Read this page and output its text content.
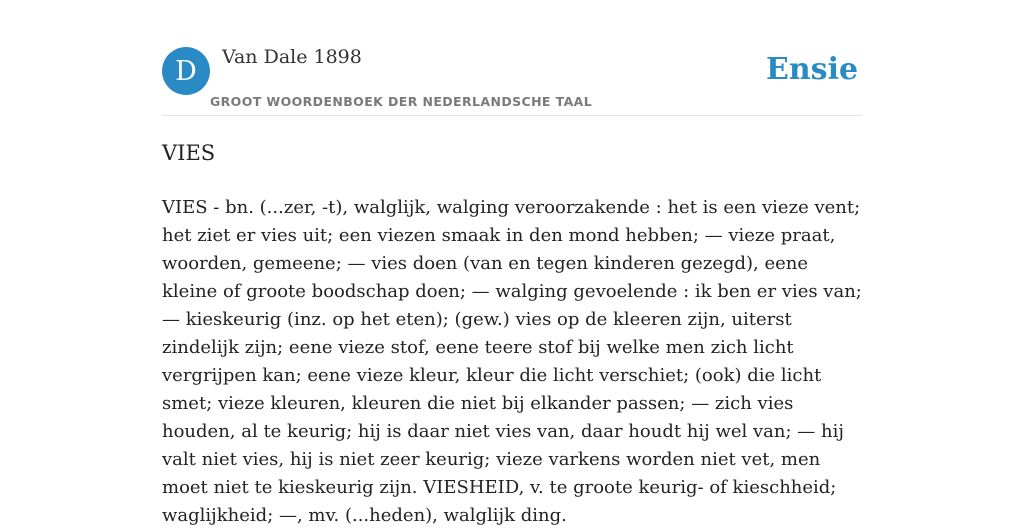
D Van Dale 1898
GROOT WOORDENBOEK DER NEDERLANDSCHE TAAL
Ensie
VIES

VIES - bn. (...zer, -t), walglijk, walging veroorzakende : het is een vieze vent; het ziet er vies uit; een viezen smaak in den mond hebben; — vieze praat, woorden, gemeene; — vies doen (van en tegen kinderen gezegd), eene kleine of groote boodschap doen; — walging gevoelende : ik ben er vies van; — kieskeurig (inz. op het eten); (gew.) vies op de kleeren zijn, uiterst zindelijk zijn; eene vieze stof, eene teere stof bij welke men zich licht vergrijpen kan; eene vieze kleur, kleur die licht verschiet; (ook) die licht smet; vieze kleuren, kleuren die niet bij elkander passen; — zich vies houden, al te keurig; hij is daar niet vies van, daar houdt hij wel van; — hij valt niet vies, hij is niet zeer keurig; vieze varkens worden niet vet, men moet niet te kieskeurig zijn. VIESHEID, v. te groote keurig- of kieschheid; waglijkheid; —, mv. (...heden), walglijk ding.
